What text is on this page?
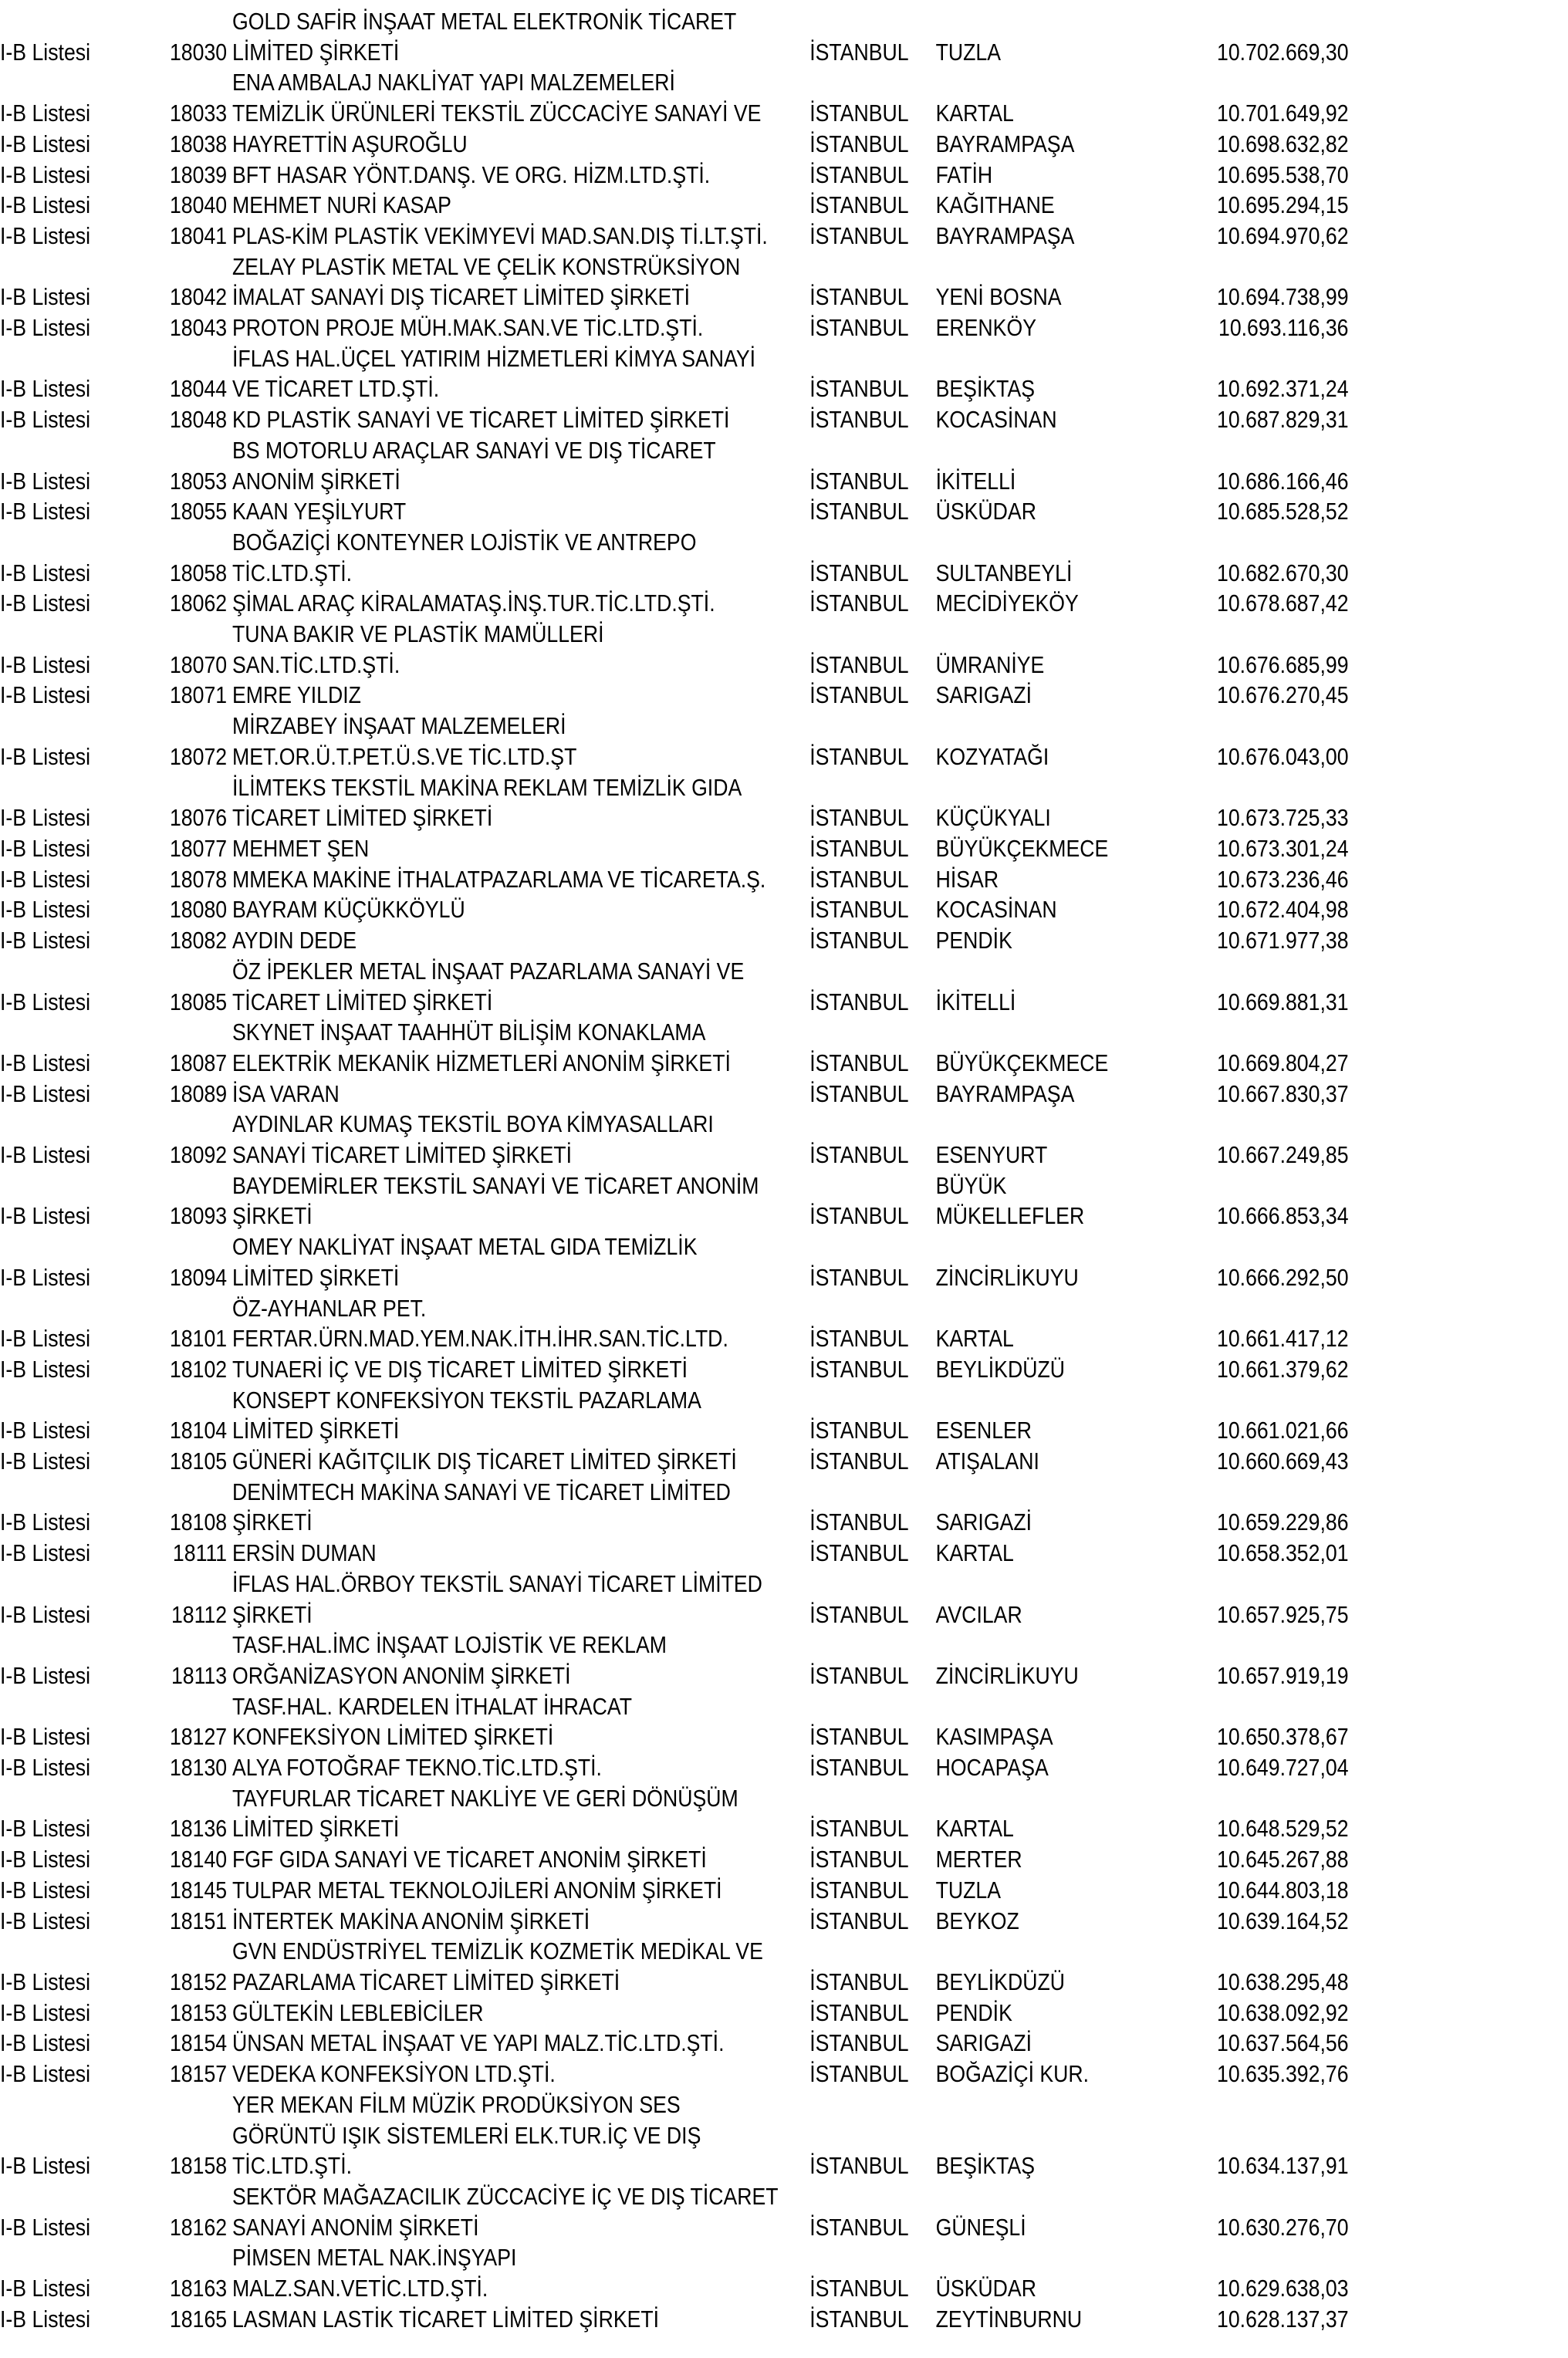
GOLD SAFİR İNŞAAT METAL ELEKTRONİK TİCARET
I-B Listesi	18030 LİMİTED ŞİRKETİ	İSTANBUL	TUZLA	10.702.669,30
ENA AMBALAJ NAKLİYAT YAPI MALZEMELERİ
I-B Listesi	18033 TEMİZLİK ÜRÜNLERİ TEKSTİL ZÜCCACİYE SANAYİ VE	İSTANBUL	KARTAL	10.701.649,92
I-B Listesi	18038 HAYRETTİN AŞUROĞLU	İSTANBUL	BAYRAMPAŞA	10.698.632,82
I-B Listesi	18039 BFT HASAR YÖNT.DANŞ. VE ORG. HİZM.LTD.ŞTİ.	İSTANBUL	FATİH	10.695.538,70
I-B Listesi	18040 MEHMET NURİ KASAP	İSTANBUL	KAĞITHANE	10.695.294,15
I-B Listesi	18041 PLAS-KİM PLASTİK VEKİMYEVİ MAD.SAN.DIŞ Tİ.LT.ŞTİ.	İSTANBUL	BAYRAMPAŞA	10.694.970,62
ZELAY PLASTİK METAL VE ÇELİK KONSTRÜKSİYON
I-B Listesi	18042 İMALAT SANAYİ DIŞ TİCARET LİMİTED ŞİRKETİ	İSTANBUL	YENİ BOSNA	10.694.738,99
I-B Listesi	18043 PROTON PROJE MÜH.MAK.SAN.VE TİC.LTD.ŞTİ.	İSTANBUL	ERENKÖY	10.693.116,36
İFLAS HAL.ÜÇEL YATIRIM HİZMETLERİ KİMYA SANAYİ
I-B Listesi	18044 VE TİCARET LTD.ŞTİ.	İSTANBUL	BEŞİKTAŞ	10.692.371,24
I-B Listesi	18048 KD PLASTİK SANAYİ VE TİCARET LİMİTED ŞİRKETİ	İSTANBUL	KOCASİNAN	10.687.829,31
BS MOTORLU ARAÇLAR SANAYİ VE DIŞ TİCARET
I-B Listesi	18053 ANONİM ŞİRKETİ	İSTANBUL	İKİTELLİ	10.686.166,46
I-B Listesi	18055 KAAN YEŞİLYURT	İSTANBUL	ÜSKÜDAR	10.685.528,52
BOĞAZİÇİ KONTEYNER LOJİSTİK VE ANTREPO
I-B Listesi	18058 TİC.LTD.ŞTİ.	İSTANBUL	SULTANBEYLİ	10.682.670,30
I-B Listesi	18062 ŞİMAL ARAÇ KİRALAMATAŞ.İNŞ.TUR.TİC.LTD.ŞTİ.	İSTANBUL	MECİDİYEKÖY	10.678.687,42
TUNA BAKIR VE PLASTİK MAMÜLLERİ
I-B Listesi	18070 SAN.TİC.LTD.ŞTİ.	İSTANBUL	ÜMRANİYE	10.676.685,99
I-B Listesi	18071 EMRE YILDIZ	İSTANBUL	SARIGAZİ	10.676.270,45
MİRZABEY İNŞAAT MALZEMELERİ
I-B Listesi	18072 MET.OR.Ü.T.PET.Ü.S.VE TİC.LTD.ŞT	İSTANBUL	KOZYATAĞI	10.676.043,00
İLİMTEKS TEKSTİL MAKİNA REKLAM TEMİZLİK GIDA
I-B Listesi	18076 TİCARET LİMİTED ŞİRKETİ	İSTANBUL	KÜÇÜKYALI	10.673.725,33
I-B Listesi	18077 MEHMET ŞEN	İSTANBUL	BÜYÜKÇEKMECE	10.673.301,24
I-B Listesi	18078 MMEKA MAKİNE İTHALATPAZARLAMA VE TİCARETA.Ş.	İSTANBUL	HİSAR	10.673.236,46
I-B Listesi	18080 BAYRAM KÜÇÜKKÖYLÜ	İSTANBUL	KOCASİNAN	10.672.404,98
I-B Listesi	18082 AYDIN DEDE	İSTANBUL	PENDİK	10.671.977,38
ÖZ İPEKLER METAL İNŞAAT PAZARLAMA SANAYİ VE
I-B Listesi	18085 TİCARET LİMİTED ŞİRKETİ	İSTANBUL	İKİTELLİ	10.669.881,31
SKYNET İNŞAAT TAAHHÜT BİLİŞİM KONAKLAMA
I-B Listesi	18087 ELEKTRİK MEKANİK HİZMETLERİ ANONİM ŞİRKETİ	İSTANBUL	BÜYÜKÇEKMECE	10.669.804,27
I-B Listesi	18089 İSA VARAN	İSTANBUL	BAYRAMPAŞA	10.667.830,37
AYDINLAR KUMAŞ TEKSTİL BOYA KİMYASALLARI
I-B Listesi	18092 SANAYİ TİCARET LİMİTED ŞİRKETİ	İSTANBUL	ESENYURT	10.667.249,85
BAYDEMİRLER TEKSTİL SANAYİ VE TİCARET ANONİM	BÜYÜK
I-B Listesi	18093 ŞİRKETİ	İSTANBUL	MÜKELLEFLER	10.666.853,34
OMEY NAKLİYAT İNŞAAT METAL GIDA TEMİZLİK
I-B Listesi	18094 LİMİTED ŞİRKETİ	İSTANBUL	ZİNCİRLİKUYU	10.666.292,50
ÖZ-AYHANLAR PET.
I-B Listesi	18101 FERTAR.ÜRN.MAD.YEM.NAK.İTH.İHR.SAN.TİC.LTD.	İSTANBUL	KARTAL	10.661.417,12
I-B Listesi	18102 TUNAERİ İÇ VE DIŞ TİCARET LİMİTED ŞİRKETİ	İSTANBUL	BEYLİKDÜZÜ	10.661.379,62
KONSEPT KONFEKSİYON TEKSTİL PAZARLAMA
I-B Listesi	18104 LİMİTED ŞİRKETİ	İSTANBUL	ESENLER	10.661.021,66
I-B Listesi	18105 GÜNERİ KAĞITÇILIK DIŞ TİCARET LİMİTED ŞİRKETİ	İSTANBUL	ATIŞALANI	10.660.669,43
DENİMTECH MAKİNA SANAYİ VE TİCARET LİMİTED
I-B Listesi	18108 ŞİRKETİ	İSTANBUL	SARIGAZİ	10.659.229,86
I-B Listesi	18111 ERSİN DUMAN	İSTANBUL	KARTAL	10.658.352,01
İFLAS HAL.ÖRBOY TEKSTİL SANAYİ TİCARET LİMİTED
I-B Listesi	18112 ŞİRKETİ	İSTANBUL	AVCILAR	10.657.925,75
TASF.HAL.İMC İNŞAAT LOJİSTİK VE REKLAM
I-B Listesi	18113 ORĞANİZASYON ANONİM ŞİRKETİ	İSTANBUL	ZİNCİRLİKUYU	10.657.919,19
TASF.HAL. KARDELEN İTHALAT İHRACAT
I-B Listesi	18127 KONFEKSİYON LİMİTED ŞİRKETİ	İSTANBUL	KASIMPAŞA	10.650.378,67
I-B Listesi	18130 ALYA FOTOĞRAF TEKNO.TİC.LTD.ŞTİ.	İSTANBUL	HOCAPAŞA	10.649.727,04
TAYFURLAR TİCARET NAKLİYE VE GERİ DÖNÜŞÜM
I-B Listesi	18136 LİMİTED ŞİRKETİ	İSTANBUL	KARTAL	10.648.529,52
I-B Listesi	18140 FGF GIDA SANAYİ VE TİCARET ANONİM ŞİRKETİ	İSTANBUL	MERTER	10.645.267,88
I-B Listesi	18145 TULPAR METAL TEKNOLOJİLERİ ANONİM ŞİRKETİ	İSTANBUL	TUZLA	10.644.803,18
I-B Listesi	18151 İNTERTEK MAKİNA ANONİM ŞİRKETİ	İSTANBUL	BEYKOZ	10.639.164,52
GVN ENDÜSTRİYEL TEMİZLİK KOZMETİK MEDİKAL VE
I-B Listesi	18152 PAZARLAMA TİCARET LİMİTED ŞİRKETİ	İSTANBUL	BEYLİKDÜZÜ	10.638.295,48
I-B Listesi	18153 GÜLTEKİN LEBLEBİCİLER	İSTANBUL	PENDİK	10.638.092,92
I-B Listesi	18154 ÜNSAN METAL İNŞAAT VE YAPI MALZ.TİC.LTD.ŞTİ.	İSTANBUL	SARIGAZİ	10.637.564,56
I-B Listesi	18157 VEDEKA KONFEKSİYON LTD.ŞTİ.	İSTANBUL	BOĞAZİÇİ KUR.	10.635.392,76
YER MEKAN FİLM MÜZİK PRODÜKSİYON SES
GÖRÜNTÜ IŞIK SİSTEMLERİ ELK.TUR.İÇ VE DIŞ
I-B Listesi	18158 TİC.LTD.ŞTİ.	İSTANBUL	BEŞİKTAŞ	10.634.137,91
SEKTÖR MAĞAZACILIK ZÜCCACİYE İÇ VE DIŞ TİCARET
I-B Listesi	18162 SANAYİ ANONİM ŞİRKETİ	İSTANBUL	GÜNEŞLİ	10.630.276,70
PİMSEN METAL NAK.İNŞYAPI
I-B Listesi	18163 MALZ.SAN.VETİC.LTD.ŞTİ.	İSTANBUL	ÜSKÜDAR	10.629.638,03
I-B Listesi	18165 LASMAN LASTİK TİCARET LİMİTED ŞİRKETİ	İSTANBUL	ZEYTİNBURNU	10.628.137,37
